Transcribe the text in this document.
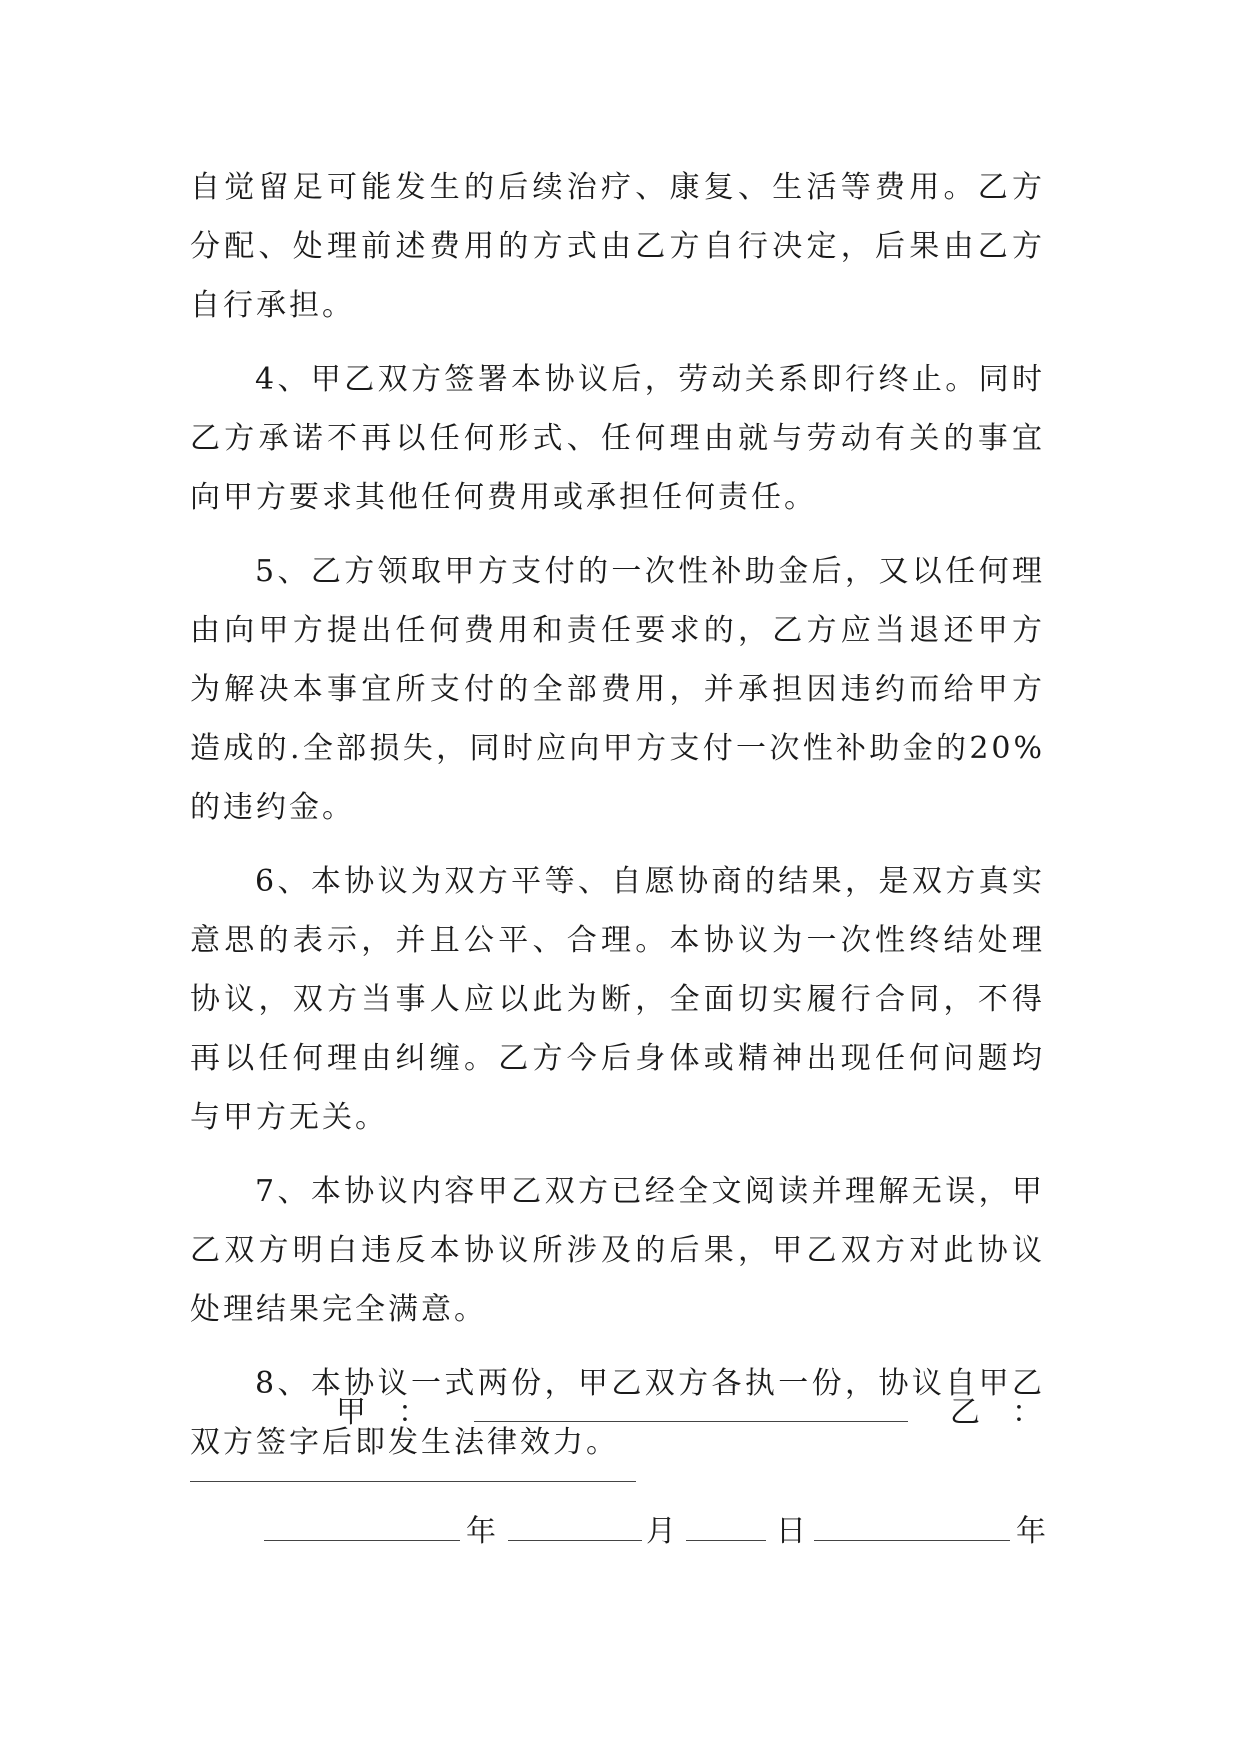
自觉留足可能发生的后续治疗、康复、生活等费用。乙方分配、处理前述费用的方式由乙方自行决定，后果由乙方自行承担。

4、甲乙双方签署本协议后，劳动关系即行终止。同时乙方承诺不再以任何形式、任何理由就与劳动有关的事宜向甲方要求其他任何费用或承担任何责任。

5、乙方领取甲方支付的一次性补助金后，又以任何理由向甲方提出任何费用和责任要求的，乙方应当退还甲方为解决本事宜所支付的全部费用，并承担因违约而给甲方造成的.全部损失，同时应向甲方支付一次性补助金的20%的违约金。

6、本协议为双方平等、自愿协商的结果，是双方真实意思的表示，并且公平、合理。本协议为一次性终结处理协议，双方当事人应以此为断，全面切实履行合同，不得再以任何理由纠缠。乙方今后身体或精神出现任何问题均与甲方无关。

7、本协议内容甲乙双方已经全文阅读并理解无误，甲乙双方明白违反本协议所涉及的后果，甲乙双方对此协议处理结果完全满意。

8、本协议一式两份，甲乙双方各执一份，协议自甲乙双方签字后即发生法律效力。

甲 ：	乙 ：
年	月	日	年
